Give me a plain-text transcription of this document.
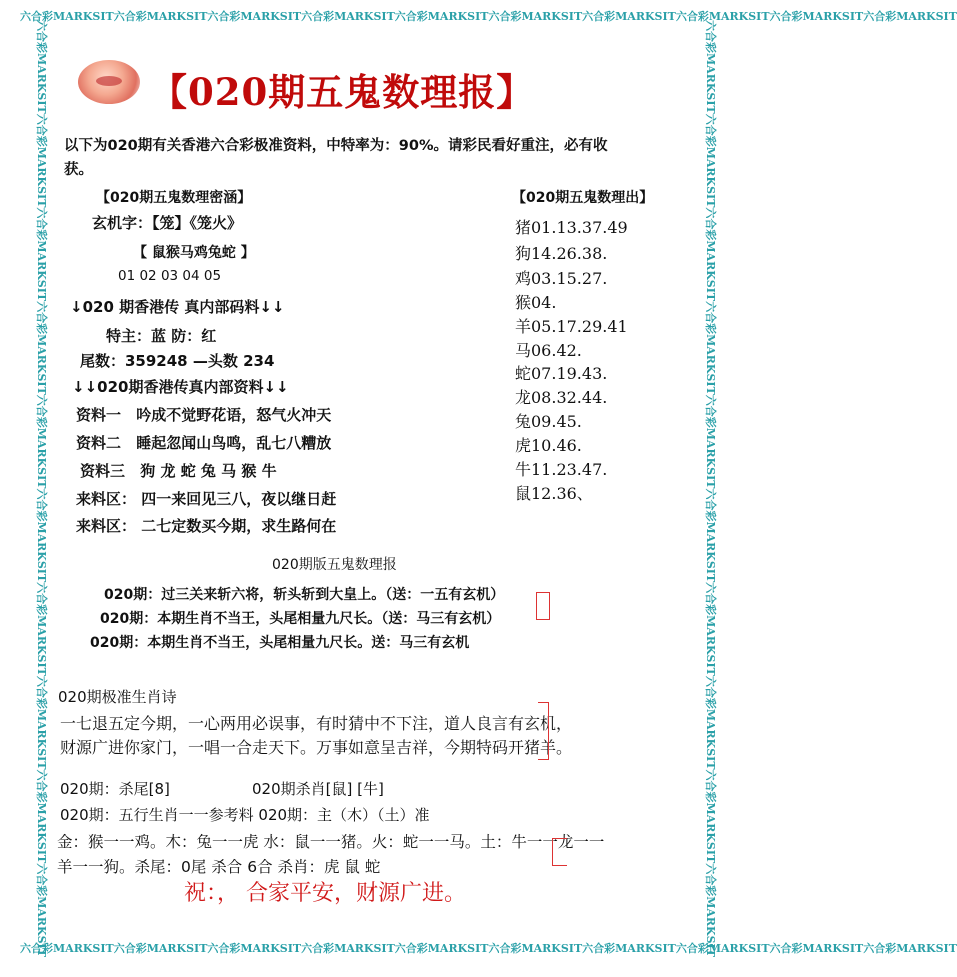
六合彩MARKSIT六合彩MARKSIT六合彩MARKSIT六合彩MARKSIT六合彩MARKSIT六合彩MARKSIT六合彩MARKSIT六合彩MARKSIT六合彩MARKSIT六合彩MARKSIT
六合彩MARKSIT六合彩MARKSIT六合彩MARKSIT六合彩MARKSIT六合彩MARKSIT六合彩MARKSIT六合彩MARKSIT六合彩MARKSIT六合彩MARKSIT六合彩MARKSIT
六合彩MARKSIT六合彩MARKSIT六合彩MARKSIT六合彩MARKSIT六合彩MARKSIT六合彩MARKSIT六合彩MARKSIT六合彩MARKSIT六合彩MARKSIT六合彩MARKSIT	六合彩MARKSIT六合彩MARKSIT六合彩MARKSIT六合彩MARKSIT六合彩MARKSIT六合彩MARKSIT六合彩MARKSIT六合彩MARKSIT六合彩MARKSIT六合彩MARKSIT
【020期五鬼数理报】
以下为020期有关香港六合彩极准资料，中特率为：90%。请彩民看好重注，必有收
获。
【020期五鬼数理密涵】
玄机字：【笼】《笼火》
【 鼠猴马鸡兔蛇 】
01 02 03 04 05
↓020 期香港传 真内部码料↓↓
特主：蓝 防：红
尾数：359248 —头数 234
↓↓020期香港传真内部资料↓↓
资料一 吟成不觉野花语，怒气火冲天
资料二 睡起忽闻山鸟鸣，乱七八糟放
资料三 狗 龙 蛇 兔 马 猴 牛
来料区： 四一来回见三八，夜以继日赶
来料区： 二七定数买今期，求生路何在
【020期五鬼数理出】
猪01.13.37.49
狗14.26.38.
鸡03.15.27.
猴04.
羊05.17.29.41
马06.42.
蛇07.19.43.
龙08.32.44.
兔09.45.
虎10.46.
牛11.23.47.
鼠12.36、
020期版五鬼数理报
020期：过三关来斩六将，斩头斩到大皇上。（送：一五有玄机）
020期：本期生肖不当王，头尾相量九尺长。（送：马三有玄机）
020期：本期生肖不当王，头尾相量九尺长。送：马三有玄机
020期极准生肖诗
一七退五定今期，一心两用必误事，有时猜中不下注，道人良言有玄机，
财源广进你家门，一唱一合走天下。万事如意呈吉祥，今期特码开猪羊。
020期：杀尾[8]	020期杀肖[鼠] [牛]
020期：五行生肖一一参考料 020期：主（木）（土）准
金：猴一一鸡。木：兔一一虎 水：鼠一一猪。火：蛇一一马。土：牛一一龙一一
羊一一狗。杀尾：0尾 杀合 6合 杀肖：虎 鼠 蛇
祝：， 合家平安，财源广进。
